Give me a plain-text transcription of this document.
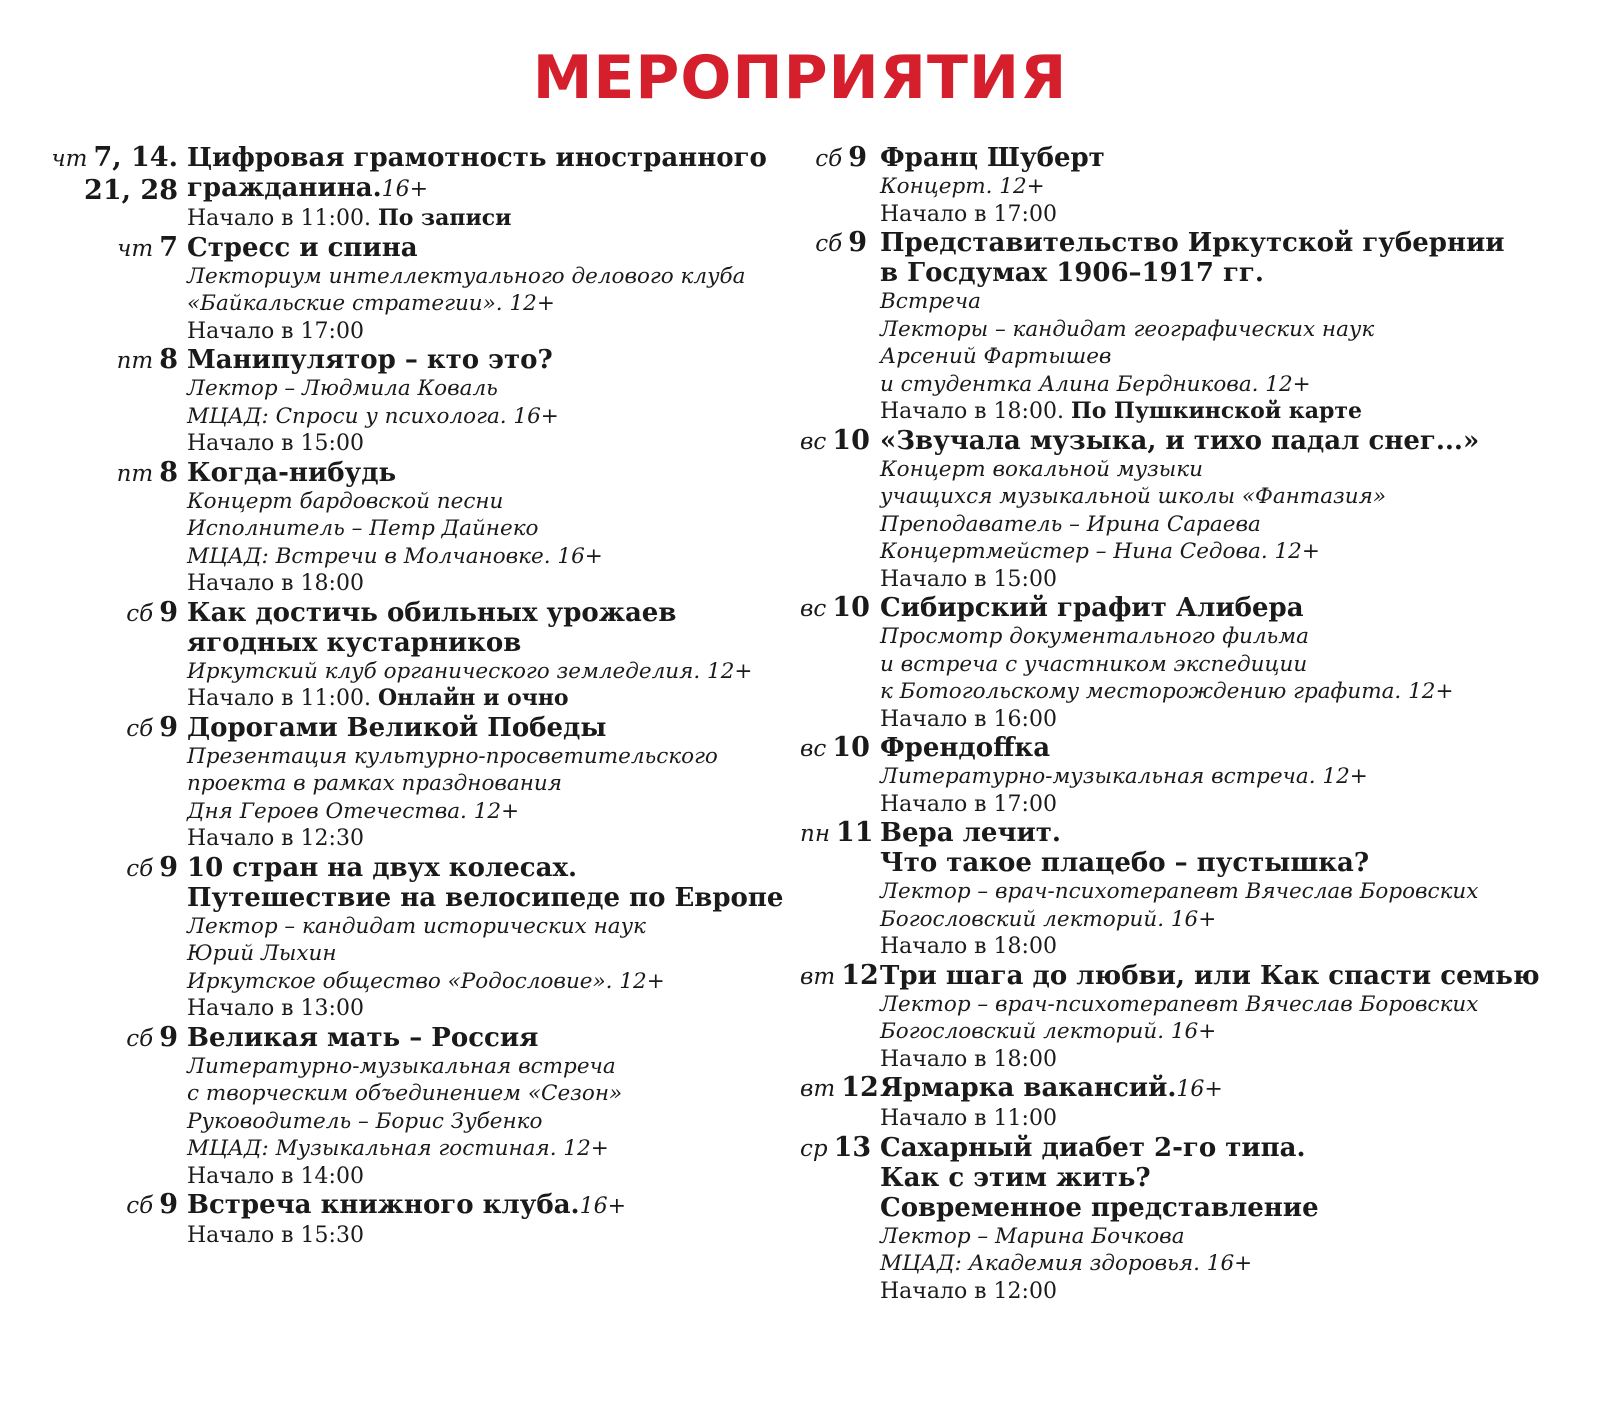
МЕРОПРИЯТИЯ
чт 7, 14.
21, 28

Цифровая грамотность иностранного

гражданина.16+

Начало в 11:00. По записи

чт 7 Стресс и спина

Лекториум интеллектуального делового клуба

«Байкальские стратегии». 12+

Начало в 17:00

пт 8 Манипулятор – кто это?

Лектор – Людмила Коваль

МЦАД: Спроси у психолога. 16+

Начало в 15:00

пт 8 Когда-нибудь

Концерт бардовской песни

Исполнитель – Петр Дайнеко

МЦАД: Встречи в Молчановке. 16+

Начало в 18:00

сб 9 Как достичь обильных урожаев

ягодных кустарников

Иркутский клуб органического земледелия. 12+

Начало в 11:00. Онлайн и очно

сб 9 Дорогами Великой Победы

Презентация культурно-просветительского

проекта в рамках празднования

Дня Героев Отечества. 12+

Начало в 12:30

сб 9 10 стран на двух колесах.

Путешествие на велосипеде по Европе

Лектор – кандидат исторических наук

Юрий Лыхин

Иркутское общество «Родословие». 12+

Начало в 13:00

сб 9 Великая мать – Россия

Литературно-музыкальная встреча

с творческим объединением «Сезон»

Руководитель – Борис Зубенко

МЦАД: Музыкальная гостиная. 12+

Начало в 14:00

сб 9 Встреча книжного клуба.16+

Начало в 15:30

сб 9 Франц Шуберт

Концерт. 12+

Начало в 17:00

сб 9 Представительство Иркутской губернии

в Госдумах 1906–1917 гг.

Встреча

Лекторы – кандидат географических наук

Арсений Фартышев

и студентка Алина Бердникова. 12+

Начало в 18:00. По Пушкинской карте

вс 10 «Звучала музыка, и тихо падал снег...»

Концерт вокальной музыки

учащихся музыкальной школы «Фантазия»

Преподаватель – Ирина Сараева

Концертмейстер – Нина Седова. 12+

Начало в 15:00

вс 10 Сибирский графит Алибера

Просмотр документального фильма

и встреча с участником экспедиции

к Ботогольскому месторождению графита. 12+

Начало в 16:00

вс 10 Френдоffка

Литературно-музыкальная встреча. 12+

Начало в 17:00

пн 11 Вера лечит.

Что такое плацебо – пустышка?

Лектор – врач-психотерапевт Вячеслав Боровских

Богословский лекторий. 16+

Начало в 18:00

вт 12 Три шага до любви, или Как спасти семью

Лектор – врач-психотерапевт Вячеслав Боровских

Богословский лекторий. 16+

Начало в 18:00

вт 12 Ярмарка вакансий.16+

Начало в 11:00

ср 13 Сахарный диабет 2-го типа.

Как с этим жить?

Современное представление

Лектор – Марина Бочкова

МЦАД: Академия здоровья. 16+

Начало в 12:00
